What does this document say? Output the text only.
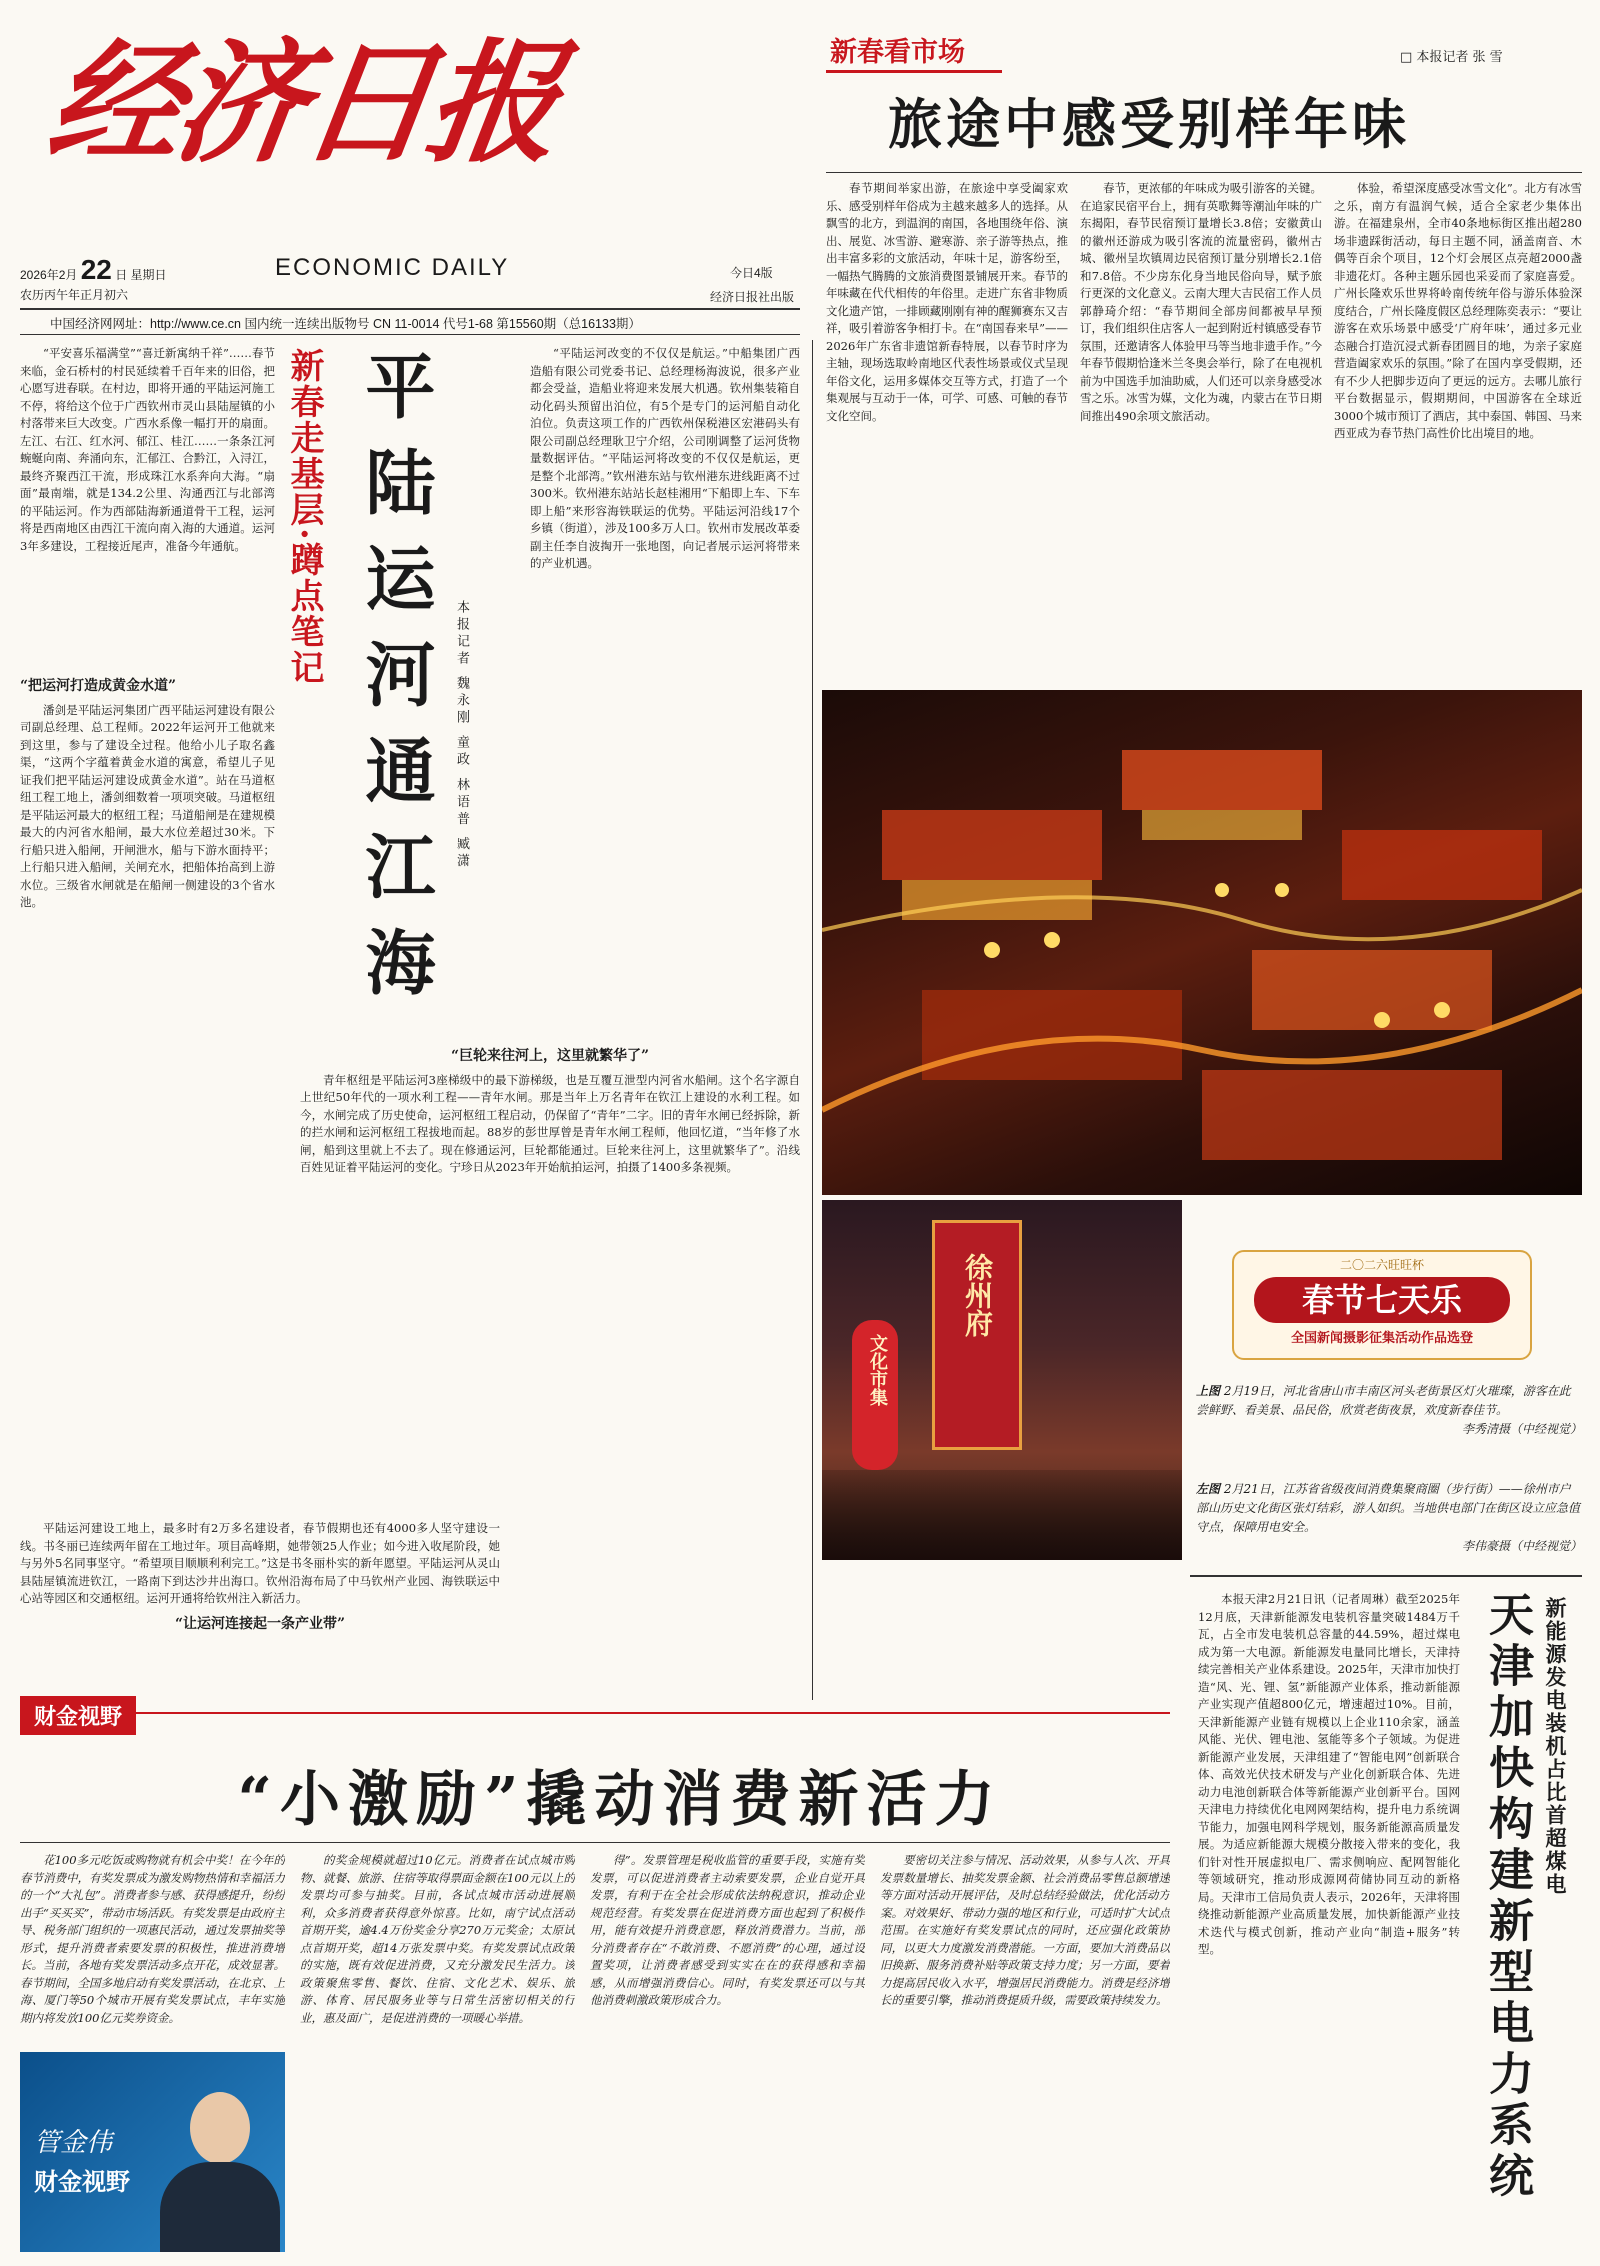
经济日报
ECONOMIC DAILY
2026年2月 22 日 星期日
农历丙午年正月初六
今日4版
经济日报社出版
中国经济网网址：http://www.ce.cn 国内统一连续出版物号 CN 11-0014 代号1-68 第15560期（总16133期）
新春看市场	□ 本报记者 张 雪
旅途中感受别样年味

春节期间举家出游，在旅途中享受阖家欢乐、感受别样年俗成为主越来越多人的选择。从飘雪的北方，到温润的南国，各地围绕年俗、演出、展览、冰雪游、避寒游、亲子游等热点，推出丰富多彩的文旅活动，年味十足，游客纷至，一幅热气腾腾的文旅消费图景铺展开来。春节的年味藏在代代相传的年俗里。走进广东省非物质文化遗产馆，一排顾藏刚刚有神的醒狮赛东又吉祥，吸引着游客争相打卡。在“南国春来早”——2026年广东省非遗馆新春特展，以春节时序为主轴，现场选取岭南地区代表性场景或仪式呈现年俗文化，运用多媒体交互等方式，打造了一个集观展与互动于一体，可学、可感、可触的春节文化空间。

春节，更浓郁的年味成为吸引游客的关键。在追家民宿平台上，拥有英歌舞等潮汕年味的广东揭阳，春节民宿预订量增长3.8倍；安徽黄山的徽州还游成为吸引客流的流量密码，徽州古城、徽州呈坎镇周边民宿预订量分别增长2.1倍和7.8倍。不少房东化身当地民俗向导，赋予旅行更深的文化意义。云南大理大吉民宿工作人员郭静琦介绍：“春节期间全部房间都被早早预订，我们组织住店客人一起到附近村镇感受春节氛围，还邀请客人体验甲马等当地非遗手作。”今年春节假期恰逢米兰冬奥会举行，除了在电视机前为中国选手加油助威，人们还可以亲身感受冰雪之乐。冰雪为媒，文化为魂，内蒙古在节日期间推出490余项文旅活动。

体验，希望深度感受冰雪文化”。北方有冰雪之乐，南方有温润气候，适合全家老少集体出游。在福建泉州，全市40条地标街区推出超280场非遗踩街活动，每日主题不同，涵盖南音、木偶等百余个项目，12个灯会展区点亮超2000盏非遗花灯。各种主题乐园也采妥而了家庭喜爱。广州长隆欢乐世界将岭南传统年俗与游乐体验深度结合，广州长隆度假区总经理陈奕表示：“要让游客在欢乐场景中感受‘广府年味’，通过多元业态融合打造沉浸式新春团圆目的地，为亲子家庭营造阖家欢乐的氛围。”除了在国内享受假期，还有不少人把脚步迈向了更远的远方。去哪儿旅行平台数据显示，假期期间，中国游客在全球近3000个城市预订了酒店，其中泰国、韩国、马来西亚成为春节热门高性价比出境目的地。

“平安喜乐福满堂”“喜迁新寓纳千祥”……春节来临，金石桥村的村民延续着千百年来的旧俗，把心愿写进春联。在村边，即将开通的平陆运河施工不停，将给这个位于广西钦州市灵山县陆屋镇的小村落带来巨大改变。广西水系像一幅打开的扇面。左江、右江、红水河、郁江、桂江……一条条江河蜿蜒向南、奔涌向东，汇郁江、合黔江，入浔江，最终齐聚西江干流，形成珠江水系奔向大海。“扇面”最南端，就是134.2公里、沟通西江与北部湾的平陆运河。作为西部陆海新通道骨干工程，运河将是西南地区由西江干流向南入海的大通道。运河3年多建设，工程接近尾声，准备今年通航。	新春走基层·蹲点笔记 平陆运河通江海	本报记者 魏永刚 童政 林语普 臧潇
“把运河打造成黄金水道”

潘剑是平陆运河集团广西平陆运河建设有限公司副总经理、总工程师。2022年运河开工他就来到这里，参与了建设全过程。他给小儿子取名鑫渠，“这两个字蕴着黄金水道的寓意，希望儿子见证我们把平陆运河建设成黄金水道”。站在马道枢纽工程工地上，潘剑细数着一项项突破。马道枢纽是平陆运河最大的枢纽工程；马道船闸是在建规模最大的内河省水船闸，最大水位差超过30米。下行船只进入船闸，开闸泄水，船与下游水面持平；上行船只进入船闸，关闸充水，把船体抬高到上游水位。三级省水闸就是在船闸一侧建设的3个省水池。

平陆运河建设工地上，最多时有2万多名建设者，春节假期也还有4000多人坚守建设一线。书冬丽已连续两年留在工地过年。项目高峰期，她带领25人作业；如今进入收尾阶段，她与另外5名同事坚守。“希望项目顺顺利利完工。”这是书冬丽朴实的新年愿望。平陆运河从灵山县陆屋镇流进钦江，一路南下到达沙井出海口。钦州沿海布局了中马钦州产业园、海铁联运中心站等园区和交通枢纽。运河开通将给钦州注入新活力。

“让运河连接起一条产业带”

“平陆运河改变的不仅仅是航运。”中船集团广西造船有限公司党委书记、总经理杨海波说，很多产业都会受益，造船业将迎来发展大机遇。钦州集装箱自动化码头预留出泊位，有5个是专门的运河船自动化泊位。负责这项工作的广西钦州保税港区宏港码头有限公司副总经理耿卫宁介绍，公司刚调整了运河货物量数据评估。“平陆运河将改变的不仅仅是航运，更是整个北部湾。”钦州港东站与钦州港东进线距离不过300米。钦州港东站站长赵桂湘用“下船即上车、下车即上船”来形容海铁联运的优势。平陆运河沿线17个乡镇（街道），涉及100多万人口。钦州市发展改革委副主任李自波掏开一张地图，向记者展示运河将带来的产业机遇。

“巨轮来往河上，这里就繁华了”

青年枢纽是平陆运河3座梯级中的最下游梯级，也是互覆互泄型内河省水船闸。这个名字源自上世纪50年代的一项水利工程——青年水闸。那是当年上万名青年在钦江上建设的水利工程。如今，水闸完成了历史使命，运河枢纽工程启动，仍保留了“青年”二字。旧的青年水闸已经拆除，新的拦水闸和运河枢纽工程拔地而起。88岁的彭世厚曾是青年水闸工程师，他回忆道，“当年修了水闸，船到这里就上不去了。现在修通运河，巨轮都能通过。巨轮来往河上，这里就繁华了”。沿线百姓见证着平陆运河的变化。宁珍日从2023年开始航拍运河，拍摄了1400多条视频。

徐州府
文化市集
二〇二六旺旺杯
春节七天乐
全国新闻摄影征集活动作品选登
上图 2月19日，河北省唐山市丰南区河头老街景区灯火璀璨，游客在此尝鲜野、看美景、品民俗，欣赏老街夜景，欢度新春佳节。
李秀清摄（中经视觉）
左图 2月21日，江苏省省级夜间消费集聚商圈（步行街）——徐州市户部山历史文化街区张灯结彩，游人如织。当地供电部门在街区设立应急值守点，保障用电安全。
李伟豪摄（中经视觉）

本报天津2月21日讯（记者周琳）截至2025年12月底，天津新能源发电装机容量突破1484万千瓦，占全市发电装机总容量的44.59%，超过煤电成为第一大电源。新能源发电量同比增长，天津持续完善相关产业体系建设。2025年，天津市加快打造“风、光、锂、氢”新能源产业体系，推动新能源产业实现产值超800亿元，增速超过10%。目前，天津新能源产业链有规模以上企业110余家，涵盖风能、光伏、锂电池、氢能等多个子领域。为促进新能源产业发展，天津组建了“智能电网”创新联合体、高效光伏技术研发与产业化创新联合体、先进动力电池创新联合体等新能源产业创新平台。国网天津电力持续优化电网网架结构，提升电力系统调节能力，加强电网科学规划，服务新能源高质量发展。为适应新能源大规模分散接入带来的变化，我们针对性开展虚拟电厂、需求侧响应、配网智能化等领域研究，推动形成源网荷储协同互动的新格局。天津市工信局负责人表示，2026年，天津将围绕推动新能源产业高质量发展，加快新能源产业技术迭代与模式创新，推动产业向“制造+服务”转型。

新能源发电装机占比首超煤电
天津加快构建新型电力系统
财金视野
“小激励”撬动消费新活力

花100多元吃饭或购物就有机会中奖！在今年的春节消费中，有奖发票成为激发购物热情和幸福活力的一个“大礼包”。消费者参与感、获得感提升，纷纷出手“买买买”，带动市场活跃。有奖发票是由政府主导、税务部门组织的一项惠民活动，通过发票抽奖等形式，提升消费者索要发票的积极性，推进消费增长。当前，各地有奖发票活动多点开花，成效显著。春节期间，全国多地启动有奖发票活动，在北京、上海、厦门等50个城市开展有奖发票试点，丰年实施期内将发放100亿元奖券资金。

管金伟
财金视野

的奖金规模就超过10亿元。消费者在试点城市购物、就餐、旅游、住宿等取得票面金额在100元以上的发票均可参与抽奖。目前，各试点城市活动进展顺利，众多消费者获得意外惊喜。比如，南宁试点活动首期开奖，逾4.4万份奖金分享270万元奖金；太原试点首期开奖，超14万张发票中奖。有奖发票试点政策的实施，既有效促进消费，又充分激发民生活力。该政策聚焦零售、餐饮、住宿、文化艺术、娱乐、旅游、体育、居民服务业等与日常生活密切相关的行业，惠及面广，是促进消费的一项暖心举措。

得”。发票管理是税收监管的重要手段，实施有奖发票，可以促进消费者主动索要发票，企业自觉开具发票，有利于在全社会形成依法纳税意识，推动企业规范经营。有奖发票在促进消费方面也起到了积极作用，能有效提升消费意愿，释放消费潜力。当前，部分消费者存在“不敢消费、不愿消费”的心理，通过设置奖项，让消费者感受到实实在在的获得感和幸福感，从而增强消费信心。同时，有奖发票还可以与其他消费刺激政策形成合力。

要密切关注参与情况、活动效果，从参与人次、开具发票数量增长、抽奖发票金额、社会消费品零售总额增速等方面对活动开展评估，及时总结经验做法，优化活动方案。对效果好、带动力强的地区和行业，可适时扩大试点范围。在实施好有奖发票试点的同时，还应强化政策协同，以更大力度激发消费潜能。一方面，要加大消费品以旧换新、服务消费补贴等政策支持力度；另一方面，要着力提高居民收入水平，增强居民消费能力。消费是经济增长的重要引擎，推动消费提质升级，需要政策持续发力。
